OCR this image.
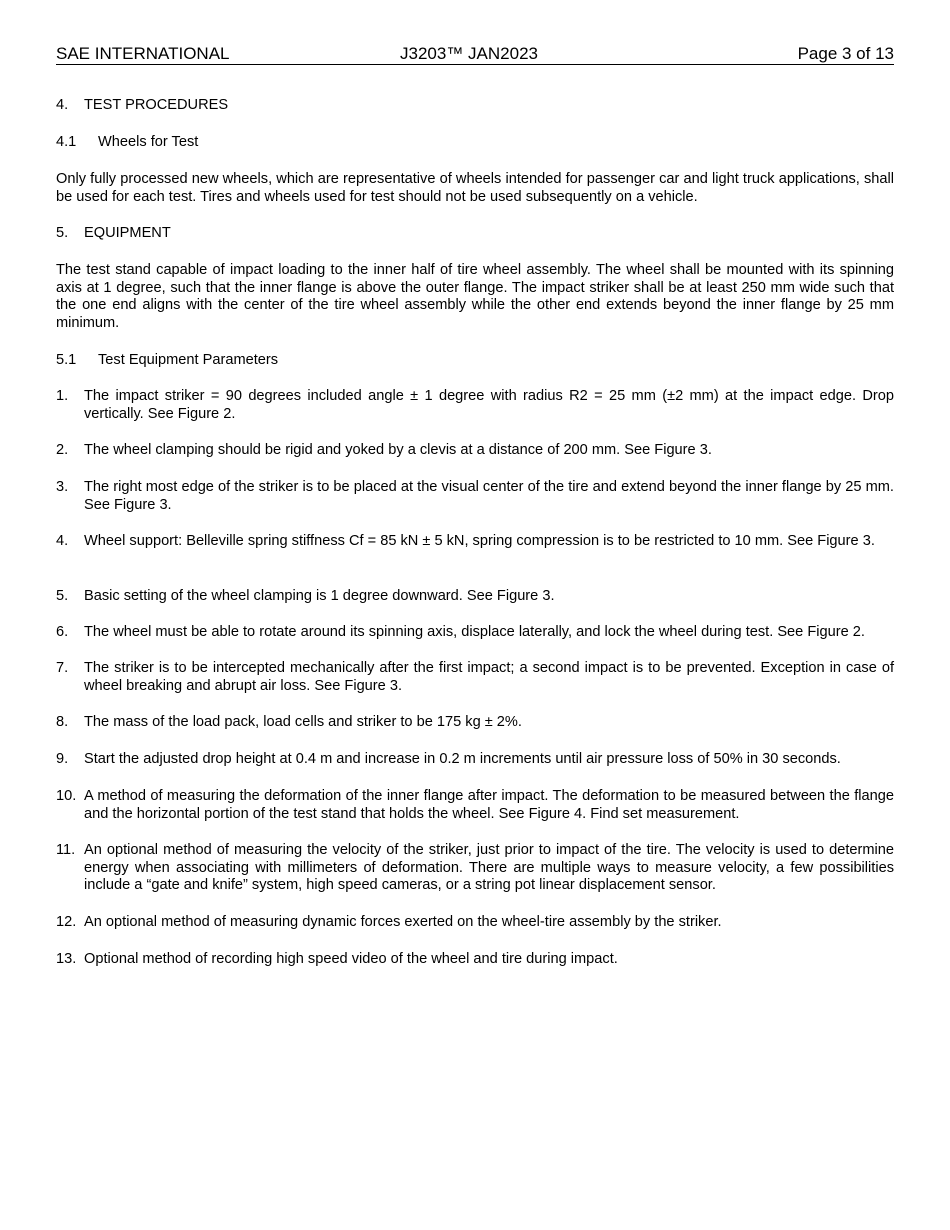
SAE INTERNATIONAL	J3203™ JAN2023	Page 3 of 13
4. TEST PROCEDURES
4.1 Wheels for Test

Only fully processed new wheels, which are representative of wheels intended for passenger car and light truck applications, shall be used for each test. Tires and wheels used for test should not be used subsequently on a vehicle.

5. EQUIPMENT

The test stand capable of impact loading to the inner half of tire wheel assembly. The wheel shall be mounted with its spinning axis at 1 degree, such that the inner flange is above the outer flange. The impact striker shall be at least 250 mm wide such that the one end aligns with the center of the tire wheel assembly while the other end extends beyond the inner flange by 25 mm minimum.

5.1 Test Equipment Parameters
1. The impact striker = 90 degrees included angle ± 1 degree with radius R2 = 25 mm (±2 mm) at the impact edge. Drop vertically. See Figure 2.
2. The wheel clamping should be rigid and yoked by a clevis at a distance of 200 mm. See Figure 3.
3. The right most edge of the striker is to be placed at the visual center of the tire and extend beyond the inner flange by 25 mm. See Figure 3.
4. Wheel support: Belleville spring stiffness Cf = 85 kN ± 5 kN, spring compression is to be restricted to 10 mm. See Figure 3.
5. Basic setting of the wheel clamping is 1 degree downward. See Figure 3.
6. The wheel must be able to rotate around its spinning axis, displace laterally, and lock the wheel during test. See Figure 2.
7. The striker is to be intercepted mechanically after the first impact; a second impact is to be prevented. Exception in case of wheel breaking and abrupt air loss. See Figure 3.
8. The mass of the load pack, load cells and striker to be 175 kg ± 2%.
9. Start the adjusted drop height at 0.4 m and increase in 0.2 m increments until air pressure loss of 50% in 30 seconds.
10. A method of measuring the deformation of the inner flange after impact. The deformation to be measured between the flange and the horizontal portion of the test stand that holds the wheel. See Figure 4. Find set measurement.
11. An optional method of measuring the velocity of the striker, just prior to impact of the tire. The velocity is used to determine energy when associating with millimeters of deformation. There are multiple ways to measure velocity, a few possibilities include a “gate and knife” system, high speed cameras, or a string pot linear displacement sensor.
12. An optional method of measuring dynamic forces exerted on the wheel-tire assembly by the striker.
13. Optional method of recording high speed video of the wheel and tire during impact.
